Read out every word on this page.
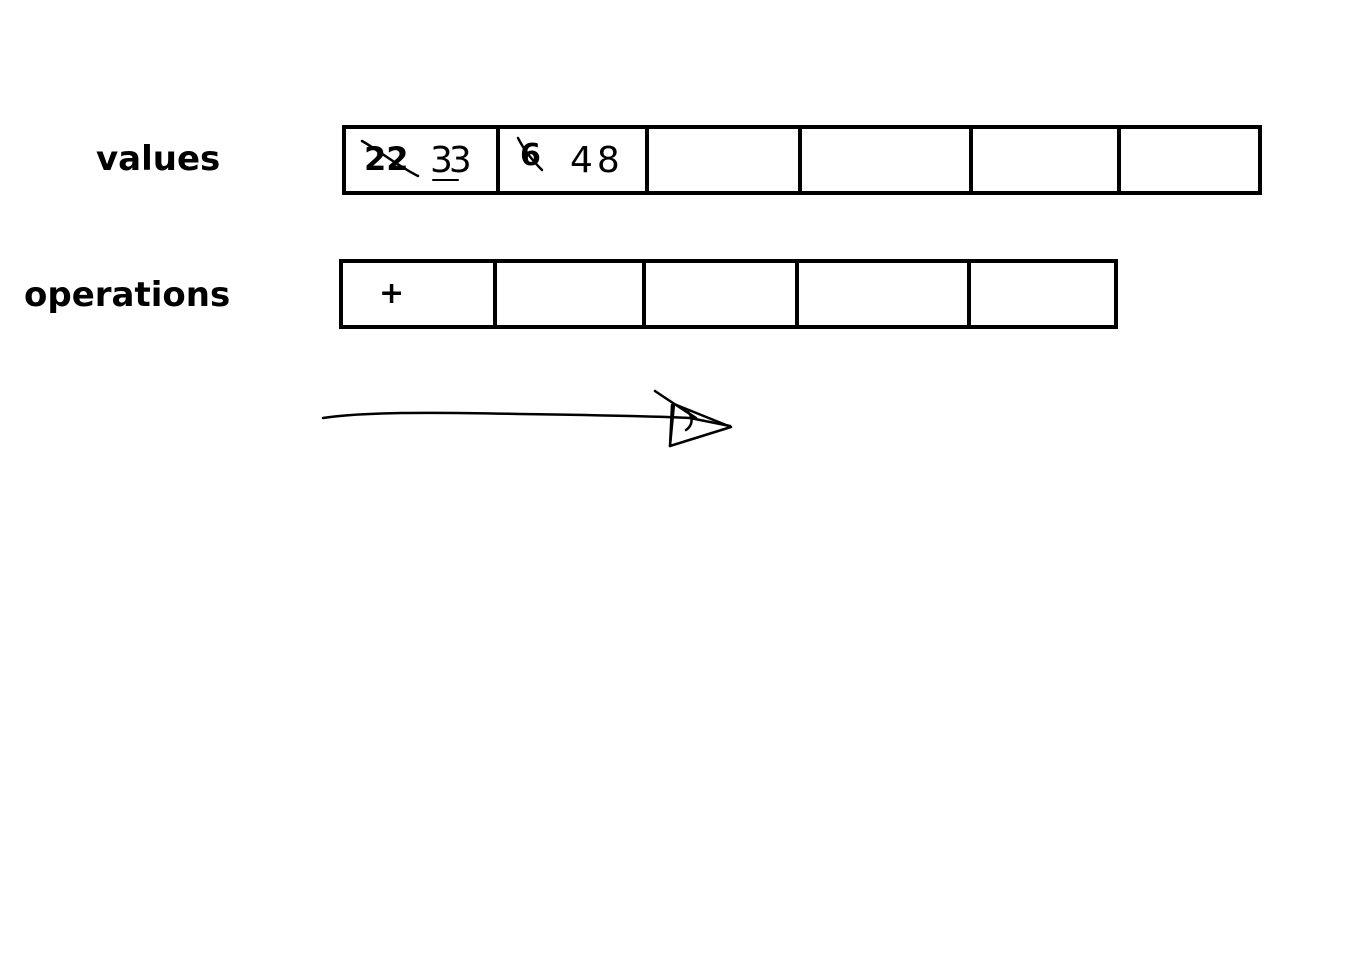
values	22 33 6 48
operations	+
